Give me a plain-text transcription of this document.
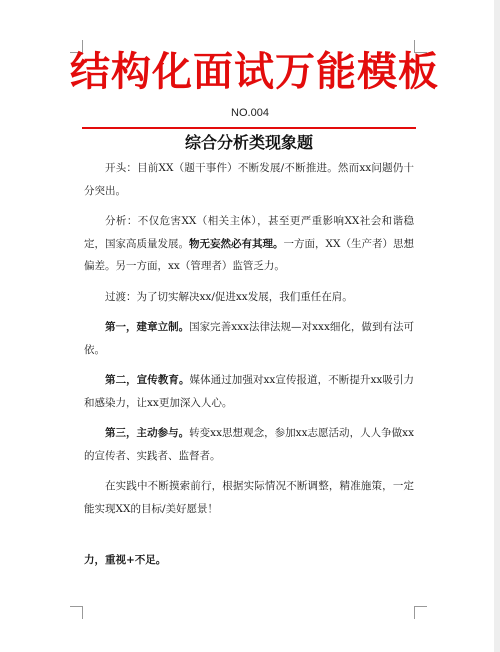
结构化面试万能模板
NO.004
综合分析类现象题

开头：目前XX（题干事件）不断发展/不断推进。然而xx问题仍十分突出。

分析：不仅危害XX（相关主体），甚至更严重影响XX社会和谐稳定，国家高质量发展。物无妄然必有其理。一方面，XX（生产者）思想偏差。另一方面，xx（管理者）监管乏力。

过渡：为了切实解决xx/促进xx发展，我们重任在肩。

第一，建章立制。国家完善xxx法律法规—对xxx细化，做到有法可依。

第二，宣传教育。媒体通过加强对xx宣传报道，不断提升xx吸引力和感染力，让xx更加深入人心。

第三，主动参与。转变xx思想观念，参加xx志愿活动，人人争做xx的宣传者、实践者、监督者。

在实践中不断摸索前行，根据实际情况不断调整，精准施策，一定能实现XX的目标/美好愿景！

力，重视+不足。
